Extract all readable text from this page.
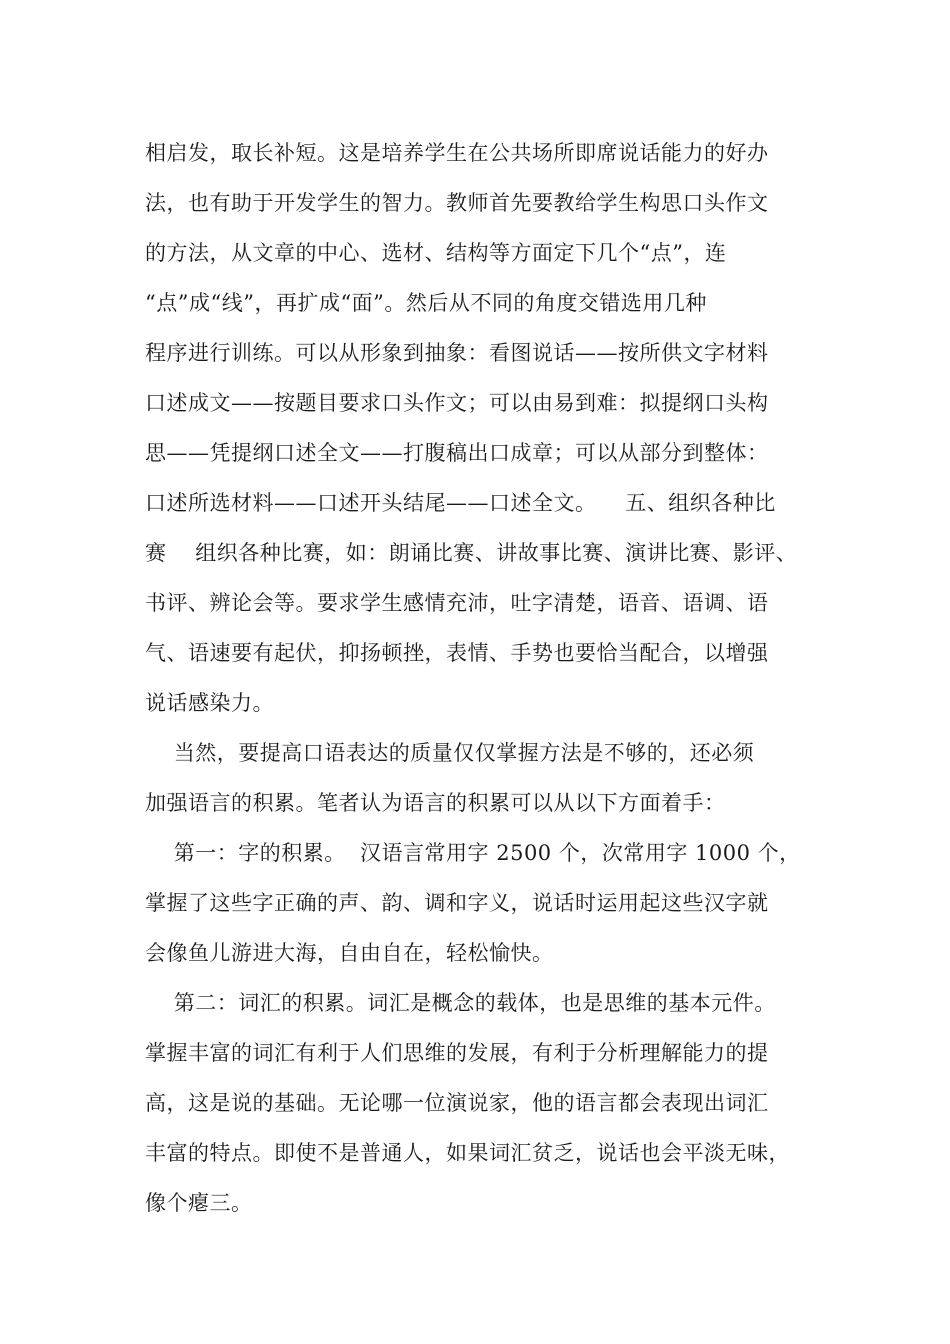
相启发，取长补短。这是培养学生在公共场所即席说话能力的好办
法，也有助于开发学生的智力。教师首先要教给学生构思口头作文
的方法，从文章的中心、选材、结构等方面定下几个“点”，连
“点”成“线”，再扩成“面”。然后从不同的角度交错选用几种
程序进行训练。可以从形象到抽象：看图说话——按所供文字材料
口述成文——按题目要求口头作文；可以由易到难：拟提纲口头构
思——凭提纲口述全文——打腹稿出口成章；可以从部分到整体：
口述所选材料——口述开头结尾——口述全文。    五、组织各种比
赛    组织各种比赛，如：朗诵比赛、讲故事比赛、演讲比赛、影评、
书评、辨论会等。要求学生感情充沛，吐字清楚，语音、语调、语
气、语速要有起伏，抑扬顿挫，表情、手势也要恰当配合，以增强
说话感染力。
当然，要提高口语表达的质量仅仅掌握方法是不够的，还必须
加强语言的积累。笔者认为语言的积累可以从以下方面着手：
第一：字的积累。  汉语言常用字 2500 个，次常用字 1000 个，
掌握了这些字正确的声、韵、调和字义，说话时运用起这些汉字就
会像鱼儿游进大海，自由自在，轻松愉快。
第二：词汇的积累。词汇是概念的载体，也是思维的基本元件。
掌握丰富的词汇有利于人们思维的发展，有利于分析理解能力的提
高，这是说的基础。无论哪一位演说家，他的语言都会表现出词汇
丰富的特点。即使不是普通人，如果词汇贫乏，说话也会平淡无味，
像个瘪三。
